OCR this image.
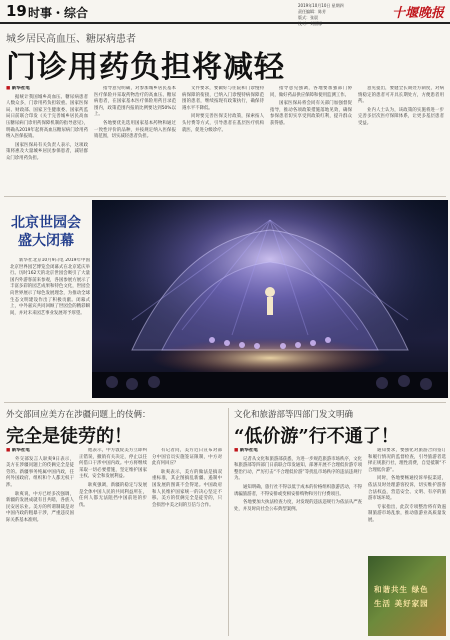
19 时事・综合
2019年10月10日 星期四
责任编辑：陈芳
版式：张晨
校对：刘丽娜
十堰晚报
城乡居民高血压、糖尿病患者
门诊用药负担将减轻
■ 新华社电

据统计我国城乡高血压、糖尿病患者人数众多，门诊用药负担较重。国家医保局、财政部、国家卫生健康委、国家药监局日前联合印发《关于完善城乡居民高血压糖尿病门诊用药保障机制的指导意见》，明确从2019年起将高血压糖尿病门诊用药纳入医保报销。

国家医保局有关负责人表示，这项政策将惠及大量城乡居民参保患者，减轻群众门诊用药负担。

指导意见明确，对参加城乡居民基本医疗保险并采取药物治疗的高血压、糖尿病患者，在国家基本医疗保险用药目录范围内，政策范围内报销比例要达到50%以上。

各地要优先选用国家基本药物和通过一致性评价的品种，并按规定纳入医保报销范围，切实减轻患者负担。

文件要求，要做好与住院和门诊慢特病保障的衔接，已纳入门诊慢特病保障范围的患者，继续按现有政策执行，确保待遇水平不降低。

同时要完善医保支付政策，探索按人头付费等方式，引导患者在基层医疗机构就医，促进分级诊疗。

指导意见强调，各地要加强部门协同，做好药品供应保障和使用监测工作。

国家医保局将会同有关部门加强督促指导，推动各项政策措施落地见效，确保参保患者切实享受到政策红利，提升群众获得感。

意见提出，要健全长期处方制度，对病情稳定的患者可开具长期处方，方便患者用药。

业内人士认为，该政策的实施将进一步完善多层次医疗保障体系，让更多基层患者受益。

北京世园会
盛大闭幕

新华社北京10月9日电 2019年中国北京世界园艺博览会闭幕式在北京延庆举行。历时162天的北京世园会吸引了大量国内外游客前来参观，各国参展方展示了丰富多彩的园艺成果和特色文化，世园会向世界展示了绿色发展理念，为推动全球生态文明建设作出了积极贡献。闭幕式上，中外嘉宾共同回顾了世园会的精彩瞬间，并对未来园艺事业发展寄予厚望。

外交部回应美方在涉疆问题上的伎俩：
完全是徒劳的！
■ 新华社电

外交部发言人耿爽9日表示，美方在涉疆问题上的伎俩完全是徒劳的。新疆事务纯属中国内政，任何外国政府、组织和个人都无权干涉。

耿爽说，中方已经多次强调，新疆的发展成就有目共睹，各族人民安居乐业。美方的所谓制裁是对中国内政的粗暴干涉，严重违反国际关系基本准则。

他表示，中方敦促美方立即纠正错误，撤销有关决定，停止以任何借口干涉中国内政。中方将继续采取一切必要措施，坚定维护国家主权、安全和发展利益。

耿爽强调，新疆的稳定与发展是全体中国人民的共同利益所在，任何人都无法阻挡中国前进的步伐。

有记者问，美方近日宣布对部分中国官员实施签证限制，中方对此有何回应？

耿爽表示，美方的做法是搞双重标准，其企图搞乱新疆、遏制中国发展的图谋不会得逞。中国政府和人民维护国家统一的决心坚定不移。美方的伎俩完全是徒劳的，只会损害中美之间的互信与合作。

文化和旅游部等四部门发文明确
“低价游”行不通了！
■ 新华社电

记者从文化和旅游部获悉，为进一步规范旅游市场秩序，文化和旅游部等四部门日前联合印发通知，部署开展不合理低价游专项整治行动，严厉打击“不合理低价游”等扰乱市场秩序的违法违规行为。

通知明确，旅行社不得以低于成本的价格组织旅游活动，不得诱骗旅游者，不得安排或变相安排购物和另行付费项目。

各地要加大执法检查力度，对发现的违法违规行为依法从严查处，并及时向社会公布典型案例。

通知要求，要强化对旅游合同签订和履行情况的监督检查，引导旅游者选择正规旅行社，理性消费，自觉抵制“不合理低价游”。

同时，各地要畅通投诉举报渠道，依法及时处理游客投诉，切实维护游客合法权益，营造安全、文明、有序的旅游市场环境。

专家指出，此次专项整治将有效遏制旅游市场乱象，推动旅游业高质量发展。

和谐共生 绿色
生活 美好家园
